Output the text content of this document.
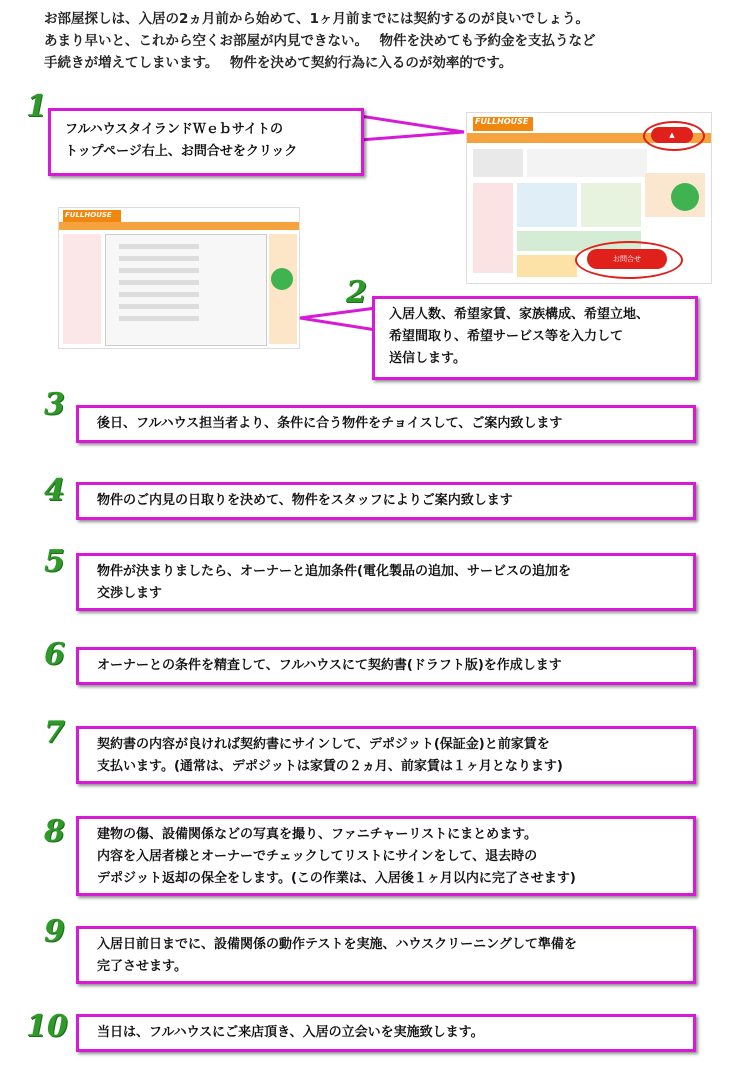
お部屋探しは、入居の2ヵ月前から始めて、1ヶ月前までには契約するのが良いでしょう。
あまり早いと、これから空くお部屋が内見できない。　 物件を決めても予約金を支払うなど
手続きが増えてしまいます。　 物件を決めて契約行為に入るのが効率的です。
1
フルハウスタイランドＷｅｂサイトの
トップページ右上、お問合せをクリック
FULLHOUSE
▲
お問合せ
FULLHOUSE
2
入居人数、希望家賃、家族構成、希望立地、
希望間取り、希望サービス等を入力して
送信します。
3
後日、フルハウス担当者より、条件に合う物件をチョイスして、ご案内致します
4	物件のご内見の日取りを決めて、物件をスタッフによりご案内致します
5	物件が決まりましたら、オーナーと追加条件(電化製品の追加、サービスの追加を
交渉します
6	オーナーとの条件を精査して、フルハウスにて契約書(ドラフト版)を作成します
7	契約書の内容が良ければ契約書にサインして、デポジット(保証金)と前家賃を
支払います。(通常は、デポジットは家賃の２ヵ月、前家賃は１ヶ月となります)
8	建物の傷、設備関係などの写真を撮り、ファニチャーリストにまとめます。
内容を入居者様とオーナーでチェックしてリストにサインをして、退去時の
デポジット返却の保全をします。(この作業は、入居後１ヶ月以内に完了させます)
9	入居日前日までに、設備関係の動作テストを実施、ハウスクリーニングして準備を
完了させます。
10	当日は、フルハウスにご来店頂き、入居の立会いを実施致します。
